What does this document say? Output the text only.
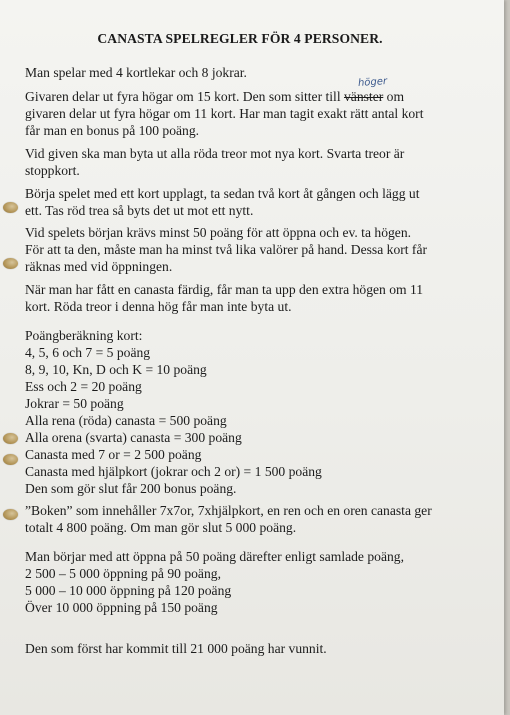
CANASTA SPELREGLER FÖR 4 PERSONER.
Man spelar med 4 kortlekar och 8 jokrar.
höger
Givaren delar ut fyra högar om 15 kort. Den som sitter till vänster om
givaren delar ut fyra högar om 11 kort. Har man tagit exakt rätt antal kort
får man en bonus på 100 poäng.
Vid given ska man byta ut alla röda treor mot nya kort. Svarta treor är
stoppkort.
Börja spelet med ett kort upplagt, ta sedan två kort åt gången och lägg ut
ett. Tas röd trea så byts det ut mot ett nytt.
Vid spelets början krävs minst 50 poäng för att öppna och ev. ta högen.
För att ta den, måste man ha minst två lika valörer på hand. Dessa kort får
räknas med vid öppningen.
När man har fått en canasta färdig, får man ta upp den extra högen om 11
kort. Röda treor i denna hög får man inte byta ut.
Poängberäkning kort:
4, 5, 6 och 7 = 5 poäng
8, 9, 10, Kn, D och K = 10 poäng
Ess och 2 = 20 poäng
Jokrar = 50 poäng
Alla rena (röda) canasta = 500 poäng
Alla orena (svarta) canasta = 300 poäng
Canasta med 7 or = 2 500 poäng
Canasta med hjälpkort (jokrar och 2 or) = 1 500 poäng
Den som gör slut får 200 bonus poäng.
”Boken” som innehåller 7x7or, 7xhjälpkort, en ren och en oren canasta ger
totalt 4 800 poäng. Om man gör slut 5 000 poäng.
Man börjar med att öppna på 50 poäng därefter enligt samlade poäng,
2 500 – 5 000 öppning på 90 poäng,
5 000 – 10 000 öppning på 120 poäng
Över 10 000 öppning på 150 poäng
Den som först har kommit till 21 000 poäng har vunnit.
